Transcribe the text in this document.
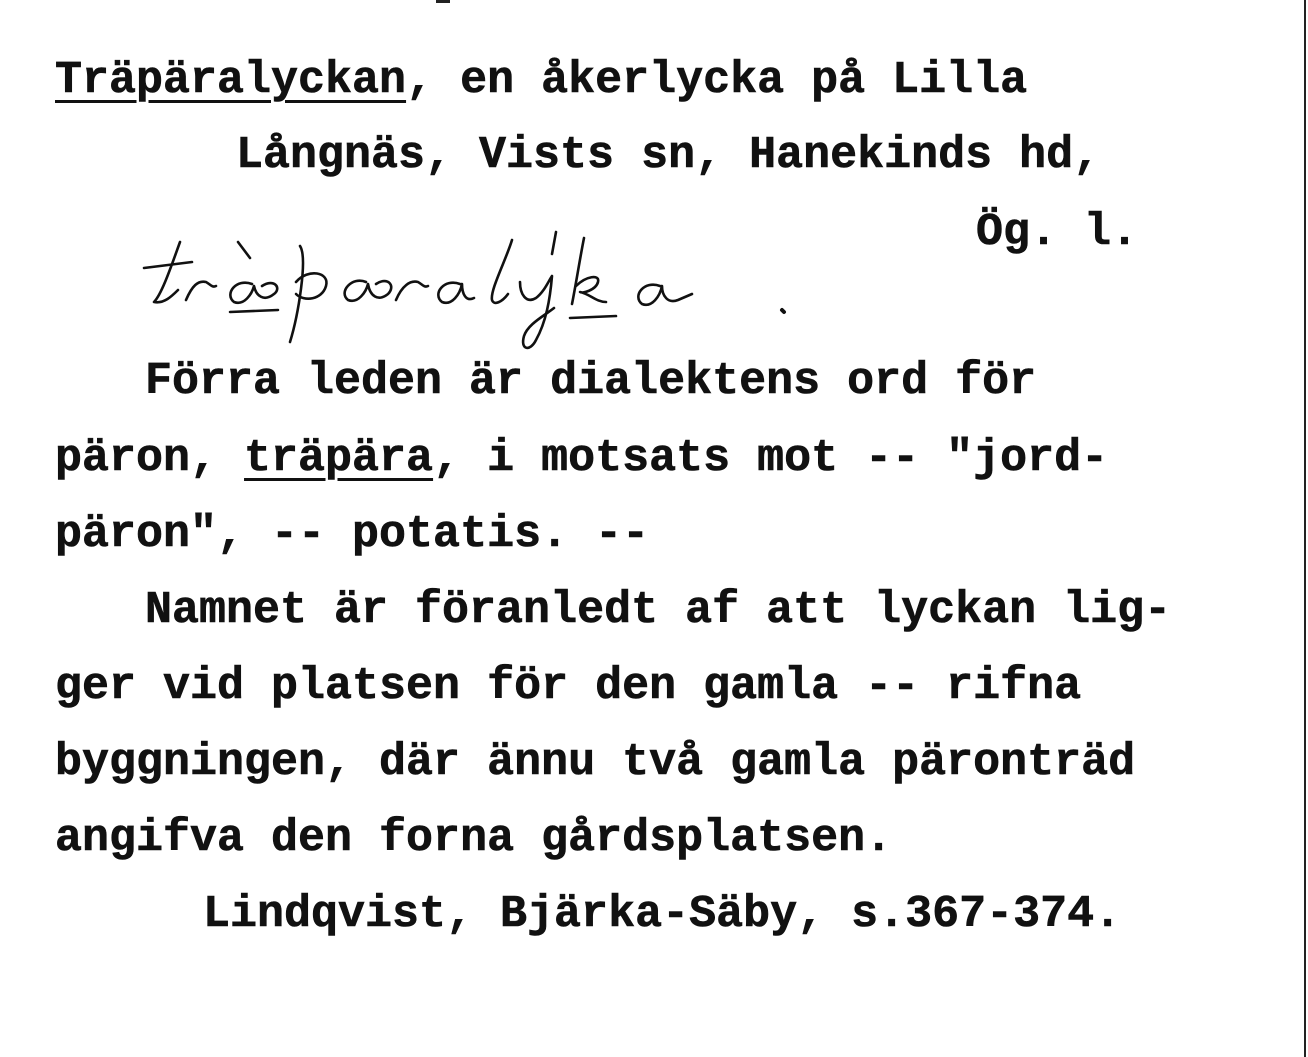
Träpäralyckan, en åkerlycka på Lilla
Långnäs, Vists sn, Hanekinds hd,
Ög. l.
Förra leden är dialektens ord för
päron, träpära, i motsats mot -- "jord-
päron", -- potatis. --
Namnet är föranledt af att lyckan lig-
ger vid platsen för den gamla -- rifna
byggningen, där ännu två gamla päronträd
angifva den forna gårdsplatsen.
Lindqvist, Bjärka-Säby, s.367-374.
